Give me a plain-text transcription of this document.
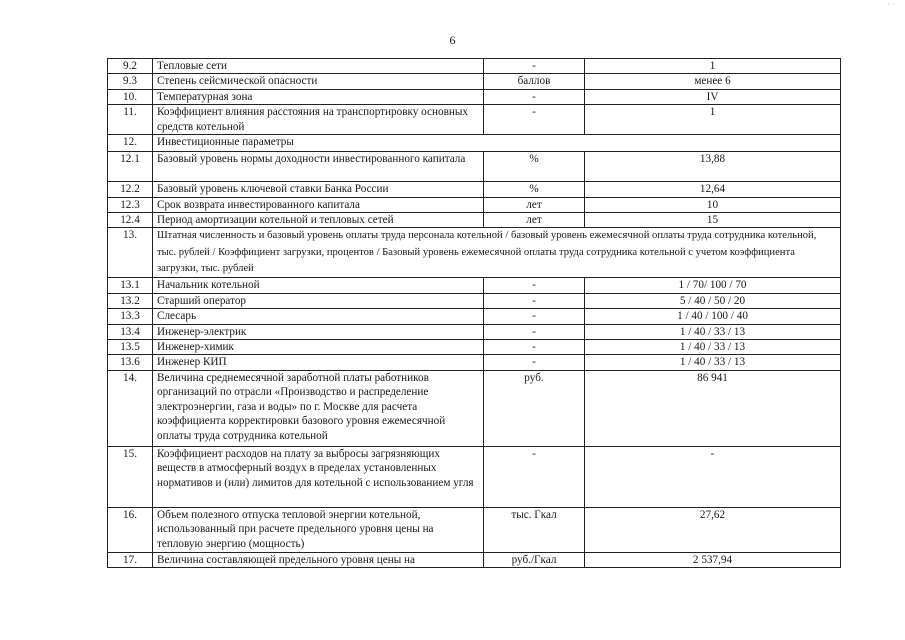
6
· ·
9.2	Тепловые сети	-	1
9.3	Степень сейсмической опасности	баллов	менее 6
10.	Температурная зона	-	IV
11.	Коэффициент влияния расстояния на транспортировку основных средств котельной	-	1
12.	Инвестиционные параметры		
12.1	Базовый уровень нормы доходности инвестированного капитала	%	13,88
12.2	Базовый уровень ключевой ставки Банка России	%	12,64
12.3	Срок возврата инвестированного капитала	лет	10
12.4	Период амортизации котельной и тепловых сетей	лет	15
13.	Штатная численность и базовый уровень оплаты труда персонала котельной / базовый уровень ежемесячной оплаты труда сотрудника котельной, тыс. рублей / Коэффициент загрузки, процентов / Базовый уровень ежемесячной оплаты труда сотрудника котельной с учетом коэффициента загрузки, тыс. рублей		
13.1	Начальник котельной	-	1 / 70/ 100 / 70
13.2	Старший оператор	-	5 / 40 / 50 / 20
13.3	Слесарь	-	1 / 40 / 100 / 40
13.4	Инженер-электрик	-	1 / 40 / 33 / 13
13.5	Инженер-химик	-	1 / 40 / 33 / 13
13.6	Инженер КИП	-	1 / 40 / 33 / 13
14.	Величина среднемесячной заработной платы работников организаций по отрасли «Производство и распределение электроэнергии, газа и воды» по г. Москве для расчета коэффициента корректировки базового уровня ежемесячной оплаты труда сотрудника котельной	руб.	86 941
15.	Коэффициент расходов на плату за выбросы загрязняющих веществ в атмосферный воздух в пределах установленных нормативов и (или) лимитов для котельной с использованием угля	-	-
16.	Объем полезного отпуска тепловой энергии котельной, использованный при расчете предельного уровня цены на тепловую энергию (мощность)	тыс. Гкал	27,62
17.	Величина составляющей предельного уровня цены на	руб./Гкал	2 537,94
